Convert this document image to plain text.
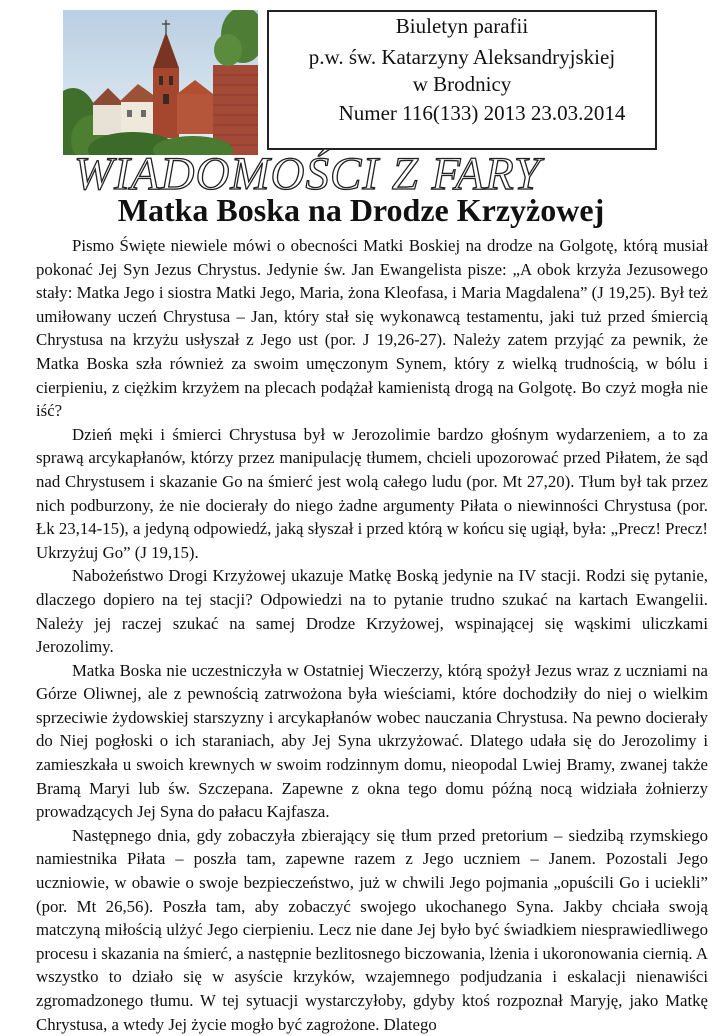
Biuletyn parafii
p.w. św. Katarzyny Aleksandryjskiej
w Brodnicy
Numer 116(133) 2013 23.03.2014
WIADOMOŚCI Z FARY
Matka Boska na Drodze Krzyżowej

Pismo Święte niewiele mówi o obecności Matki Boskiej na drodze na Golgotę, którą musiał pokonać Jej Syn Jezus Chrystus. Jedynie św. Jan Ewangelista pisze: „A obok krzyża Jezusowego stały: Matka Jego i siostra Matki Jego, Maria, żona Kleofasa, i Maria Magdalena” (J 19,25). Był też umiłowany uczeń Chrystusa – Jan, który stał się wykonawcą testamentu, jaki tuż przed śmiercią Chrystusa na krzyżu usłyszał z Jego ust (por. J 19,26-27). Należy zatem przyjąć za pewnik, że Matka Boska szła również za swoim umęczonym Synem, który z wielką trudnością, w bólu i cierpieniu, z ciężkim krzyżem na plecach podążał kamienistą drogą na Golgotę. Bo czyż mogła nie iść?

Dzień męki i śmierci Chrystusa był w Jerozolimie bardzo głośnym wydarzeniem, a to za sprawą arcykapłanów, którzy przez manipulację tłumem, chcieli upozorować przed Piłatem, że sąd nad Chrystusem i skazanie Go na śmierć jest wolą całego ludu (por. Mt 27,20). Tłum był tak przez nich podburzony, że nie docierały do niego żadne argumenty Piłata o niewinności Chrystusa (por. Łk 23,14-15), a jedyną odpowiedź, jaką słyszał i przed którą w końcu się ugiął, była: „Precz! Precz! Ukrzyżuj Go” (J 19,15).

Nabożeństwo Drogi Krzyżowej ukazuje Matkę Boską jedynie na IV stacji. Rodzi się pytanie, dlaczego dopiero na tej stacji? Odpowiedzi na to pytanie trudno szukać na kartach Ewangelii. Należy jej raczej szukać na samej Drodze Krzyżowej, wspinającej się wąskimi uliczkami Jerozolimy.

Matka Boska nie uczestniczyła w Ostatniej Wieczerzy, którą spożył Jezus wraz z uczniami na Górze Oliwnej, ale z pewnością zatrwożona była wieściami, które dochodziły do niej o wielkim sprzeciwie żydowskiej starszyzny i arcykapłanów wobec nauczania Chrystusa. Na pewno docierały do Niej pogłoski o ich staraniach, aby Jej Syna ukrzyżować. Dlatego udała się do Jerozolimy i zamieszkała u swoich krewnych w swoim rodzinnym domu, nieopodal Lwiej Bramy, zwanej także Bramą Maryi lub św. Szczepana. Zapewne z okna tego domu późną nocą widziała żołnierzy prowadzących Jej Syna do pałacu Kajfasza.

Następnego dnia, gdy zobaczyła zbierający się tłum przed pretorium – siedzibą rzymskiego namiestnika Piłata – poszła tam, zapewne razem z Jego uczniem – Janem. Pozostali Jego uczniowie, w obawie o swoje bezpieczeństwo, już w chwili Jego pojmania „opuścili Go i uciekli” (por. Mt 26,56). Poszła tam, aby zobaczyć swojego ukochanego Syna. Jakby chciała swoją matczyną miłością ulżyć Jego cierpieniu. Lecz nie dane Jej było być świadkiem niesprawiedliwego procesu i skazania na śmierć, a następnie bezlitosnego biczowania, lżenia i ukoronowania ciernią. A wszystko to działo się w asyście krzyków, wzajemnego podjudzania i eskalacji nienawiści zgromadzonego tłumu. W tej sytuacji wystarczyłoby, gdyby ktoś rozpoznał Maryję, jako Matkę Chrystusa, a wtedy Jej życie mogło być zagrożone. Dlatego
